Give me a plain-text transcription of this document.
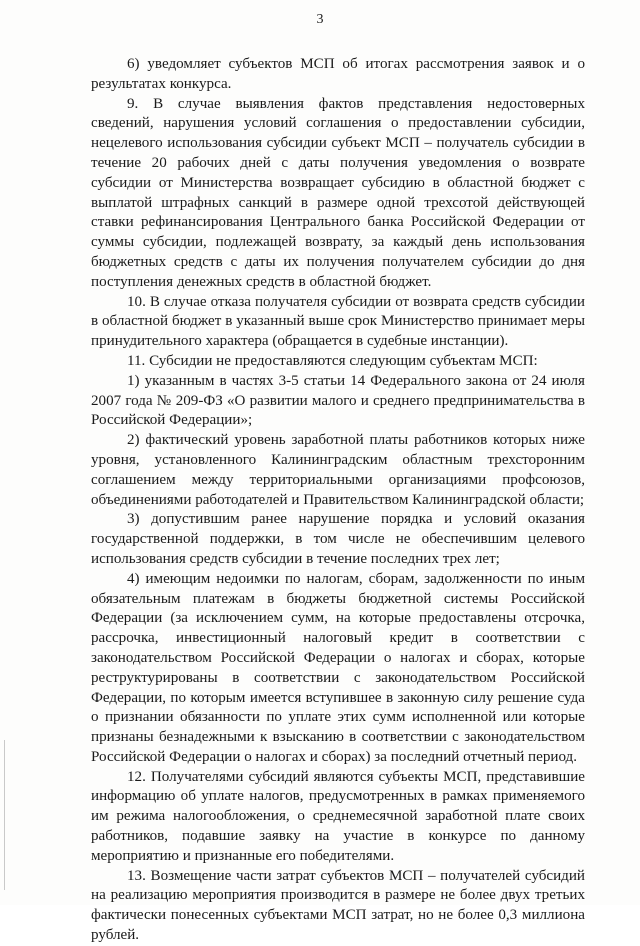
3

6) уведомляет субъектов МСП об итогах рассмотрения заявок и о результатах конкурса.

9. В случае выявления фактов представления недостоверных сведений, нарушения условий соглашения о предоставлении субсидии, нецелевого использования субсидии субъект МСП – получатель субсидии в течение 20 рабочих дней с даты получения уведомления о возврате субсидии от Министерства возвращает субсидию в областной бюджет с выплатой штрафных санкций в размере одной трехсотой действующей ставки рефинансирования Центрального банка Российской Федерации от суммы субсидии, подлежащей возврату, за каждый день использования бюджетных средств с даты их получения получателем субсидии до дня поступления денежных средств в областной бюджет.

10. В случае отказа получателя субсидии от возврата средств субсидии в областной бюджет в указанный выше срок Министерство принимает меры принудительного характера (обращается в судебные инстанции).

11. Субсидии не предоставляются следующим субъектам МСП:

1) указанным в частях 3-5 статьи 14 Федерального закона от 24 июля 2007 года № 209-ФЗ «О развитии малого и среднего предпринимательства в Российской Федерации»;

2) фактический уровень заработной платы работников которых ниже уровня, установленного Калининградским областным трехсторонним соглашением между территориальными организациями профсоюзов, объединениями работодателей и Правительством Калининградской области;

3) допустившим ранее нарушение порядка и условий оказания государственной поддержки, в том числе не обеспечившим целевого использования средств субсидии в течение последних трех лет;

4) имеющим недоимки по налогам, сборам, задолженности по иным обязательным платежам в бюджеты бюджетной системы Российской Федерации (за исключением сумм, на которые предоставлены отсрочка, рассрочка, инвестиционный налоговый кредит в соответствии с законодательством Российской Федерации о налогах и сборах, которые реструктурированы в соответствии с законодательством Российской Федерации, по которым имеется вступившее в законную силу решение суда о признании обязанности по уплате этих сумм исполненной или которые признаны безнадежными к взысканию в соответствии с законодательством Российской Федерации о налогах и сборах) за последний отчетный период.

12. Получателями субсидий являются субъекты МСП, представившие информацию об уплате налогов, предусмотренных в рамках применяемого им режима налогообложения, о среднемесячной заработной плате своих работников, подавшие заявку на участие в конкурсе по данному мероприятию и признанные его победителями.

13. Возмещение части затрат субъектов МСП – получателей субсидий на реализацию мероприятия производится в размере не более двух третьих фактически понесенных субъектами МСП затрат, но не более 0,3 миллиона рублей.
